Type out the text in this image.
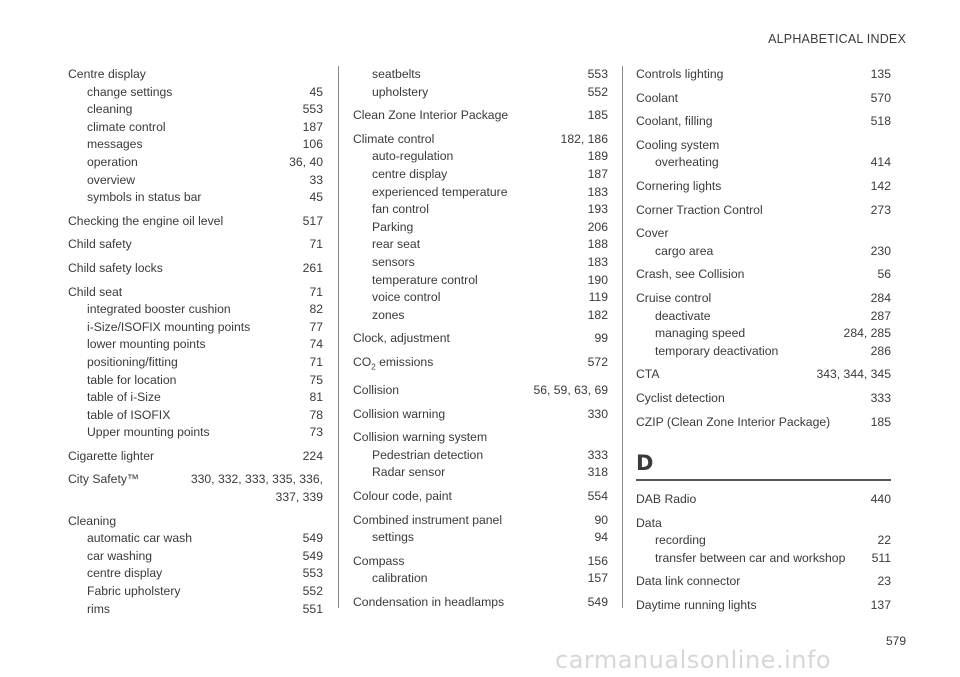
ALPHABETICAL INDEX
Centre display
change settings	45
cleaning	553
climate control	187
messages	106
operation	36, 40
overview	33
symbols in status bar	45
Checking the engine oil level	517
Child safety	71
Child safety locks	261
Child seat	71
integrated booster cushion	82
i-Size/ISOFIX mounting points	77
lower mounting points	74
positioning/fitting	71
table for location	75
table of i-Size	81
table of ISOFIX	78
Upper mounting points	73
Cigarette lighter	224
City Safety™	330, 332, 333, 335, 336,
337, 339
Cleaning
automatic car wash	549
car washing	549
centre display	553
Fabric upholstery	552
rims	551
seatbelts	553
upholstery	552
Clean Zone Interior Package	185
Climate control	182, 186
auto-regulation	189
centre display	187
experienced temperature	183
fan control	193
Parking	206
rear seat	188
sensors	183
temperature control	190
voice control	119
zones	182
Clock, adjustment	99
$CO_2$ emissions	572
Collision	56, 59, 63, 69
Collision warning	330
Collision warning system
Pedestrian detection	333
Radar sensor	318
Colour code, paint	554
Combined instrument panel	90
settings	94
Compass	156
calibration	157
Condensation in headlamps	549
Controls lighting	135
Coolant	570
Coolant, filling	518
Cooling system
overheating	414
Cornering lights	142
Corner Traction Control	273
Cover
cargo area	230
Crash, see Collision	56
Cruise control	284
deactivate	287
managing speed	284, 285
temporary deactivation	286
CTA	343, 344, 345
Cyclist detection	333
CZIP (Clean Zone Interior Package)	185
D
DAB Radio	440
Data
recording	22
transfer between car and workshop 511
Data link connector	23
Daytime running lights	137
579
carmanualsonline.info
